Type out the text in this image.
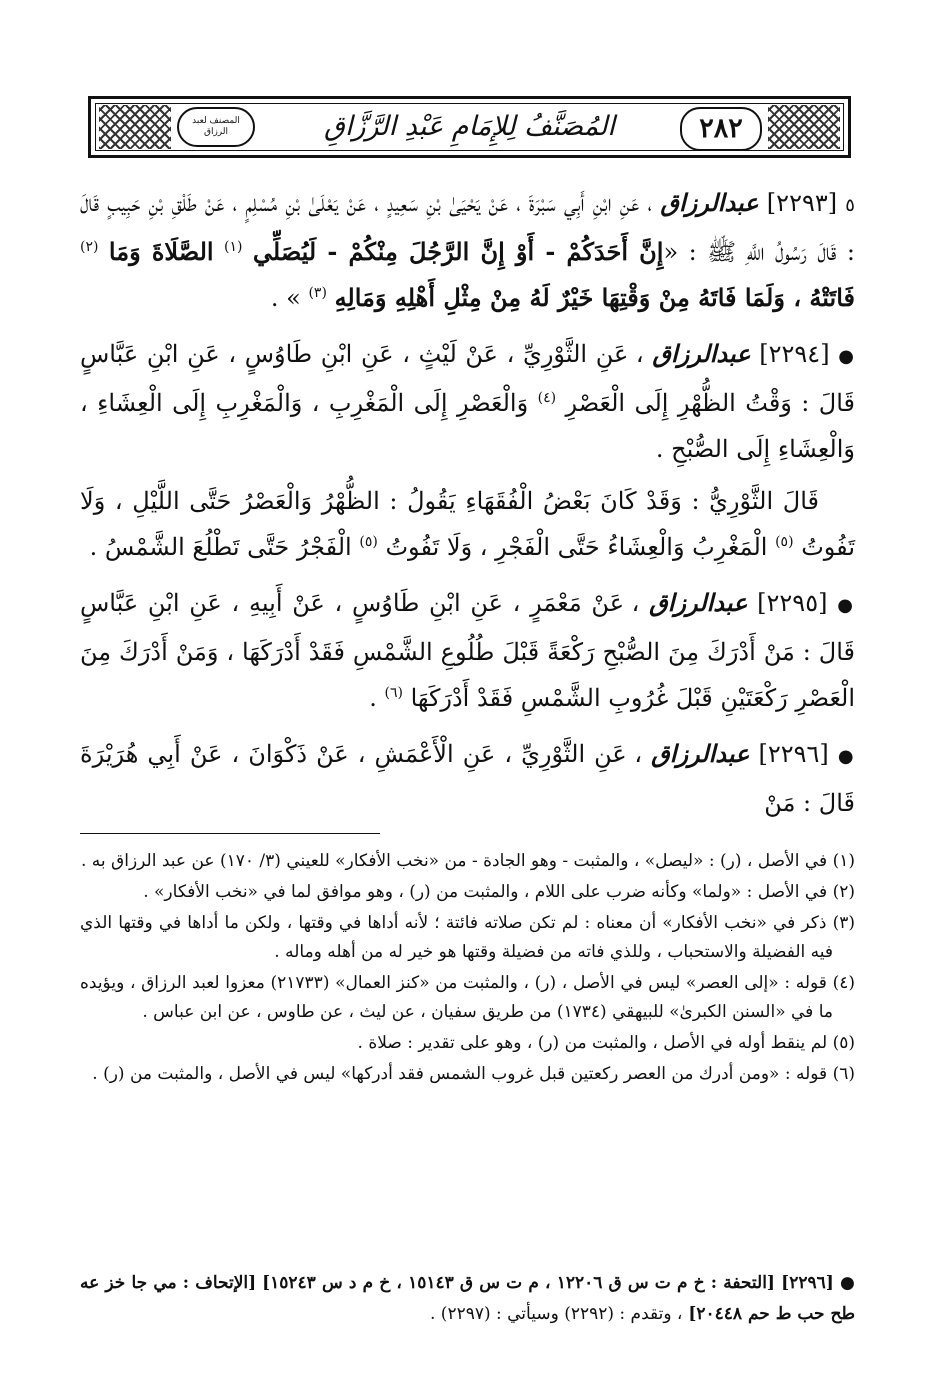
٢٨٢
المُصَنَّفُ لِلإِمَامِ عَبْدِ الرَّزَّاقِ
المصنف لعبد الرزاق

٥ [٢٢٩٣] عبدالرزاق ، عَنِ ابْنِ أَبِي سَبْرَةَ ، عَنْ يَحْيَىٰ بْنِ سَعِيدٍ ، عَنْ يَعْلَىٰ بْنِ مُسْلِمٍ ، عَنْ طَلْقِ بْنِ حَبِيبٍ قَالَ : قَالَ رَسُولُ اللَّهِ ﷺ : «إِنَّ أَحَدَكُمْ - أَوْ إِنَّ الرَّجُلَ مِنْكُمْ - لَيُصَلِّي $^{(١)}$ الصَّلَاةَ وَمَا $^{(٢)}$ فَاتَتْهُ ، وَلَمَا فَاتَهُ مِنْ وَقْتِهَا خَيْرٌ لَهُ مِنْ مِثْلِ أَهْلِهِ وَمَالِهِ $^{(٣)}$ » .

● [٢٢٩٤] عبدالرزاق ، عَنِ الثَّوْرِيِّ ، عَنْ لَيْثٍ ، عَنِ ابْنِ طَاوُسٍ ، عَنِ ابْنِ عَبَّاسٍ قَالَ : وَقْتُ الظُّهْرِ إِلَى الْعَصْرِ $^{(٤)}$ وَالْعَصْرِ إِلَى الْمَغْرِبِ ، وَالْمَغْرِبِ إِلَى الْعِشَاءِ ، وَالْعِشَاءِ إِلَى الصُّبْحِ .

قَالَ الثَّوْرِيُّ : وَقَدْ كَانَ بَعْضُ الْفُقَهَاءِ يَقُولُ : الظُّهْرُ وَالْعَصْرُ حَتَّى اللَّيْلِ ، وَلَا تَفُوتُ $^{(٥)}$ الْمَغْرِبُ وَالْعِشَاءُ حَتَّى الْفَجْرِ ، وَلَا تَفُوتُ $^{(٥)}$ الْفَجْرُ حَتَّى تَطْلُعَ الشَّمْسُ .

● [٢٢٩٥] عبدالرزاق ، عَنْ مَعْمَرٍ ، عَنِ ابْنِ طَاوُسٍ ، عَنْ أَبِيهِ ، عَنِ ابْنِ عَبَّاسٍ قَالَ : مَنْ أَدْرَكَ مِنَ الصُّبْحِ رَكْعَةً قَبْلَ طُلُوعِ الشَّمْسِ فَقَدْ أَدْرَكَهَا ، وَمَنْ أَدْرَكَ مِنَ الْعَصْرِ رَكْعَتَيْنِ قَبْلَ غُرُوبِ الشَّمْسِ فَقَدْ أَدْرَكَهَا $^{(٦)}$ .

● [٢٢٩٦] عبدالرزاق ، عَنِ الثَّوْرِيِّ ، عَنِ الْأَعْمَشِ ، عَنْ ذَكْوَانَ ، عَنْ أَبِي هُرَيْرَةَ قَالَ : مَنْ

(١) في الأصل ، (ر) : «ليصل» ، والمثبت - وهو الجادة - من «نخب الأفكار» للعيني (٣/ ١٧٠) عن عبد الرزاق به .

(٢) في الأصل : «ولما» وكأنه ضرب على اللام ، والمثبت من (ر) ، وهو موافق لما في «نخب الأفكار» .

(٣) ذكر في «نخب الأفكار» أن معناه : لم تكن صلاته فائتة ؛ لأنه أداها في وقتها ، ولكن ما أداها في وقتها الذي فيه الفضيلة والاستحباب ، وللذي فاته من فضيلة وقتها هو خير له من أهله وماله .

(٤) قوله : «إلى العصر» ليس في الأصل ، (ر) ، والمثبت من «كنز العمال» (٢١٧٣٣) معزوا لعبد الرزاق ، ويؤيده ما في «السنن الكبرىٰ» للبيهقي (١٧٣٤) من طريق سفيان ، عن ليث ، عن طاوس ، عن ابن عباس .

(٥) لم ينقط أوله في الأصل ، والمثبت من (ر) ، وهو على تقدير : صلاة .

(٦) قوله : «ومن أدرك من العصر ركعتين قبل غروب الشمس فقد أدركها» ليس في الأصل ، والمثبت من (ر) .

● [٢٢٩٦] [التحفة : خ م ت س ق ١٢٢٠٦ ، م ت س ق ١٥١٤٣ ، خ م د س ١٥٢٤٣] [الإتحاف : مي جا خز عه طح حب ط حم ٢٠٤٤٨] ، وتقدم : (٢٢٩٢) وسيأتي : (٢٢٩٧) .
